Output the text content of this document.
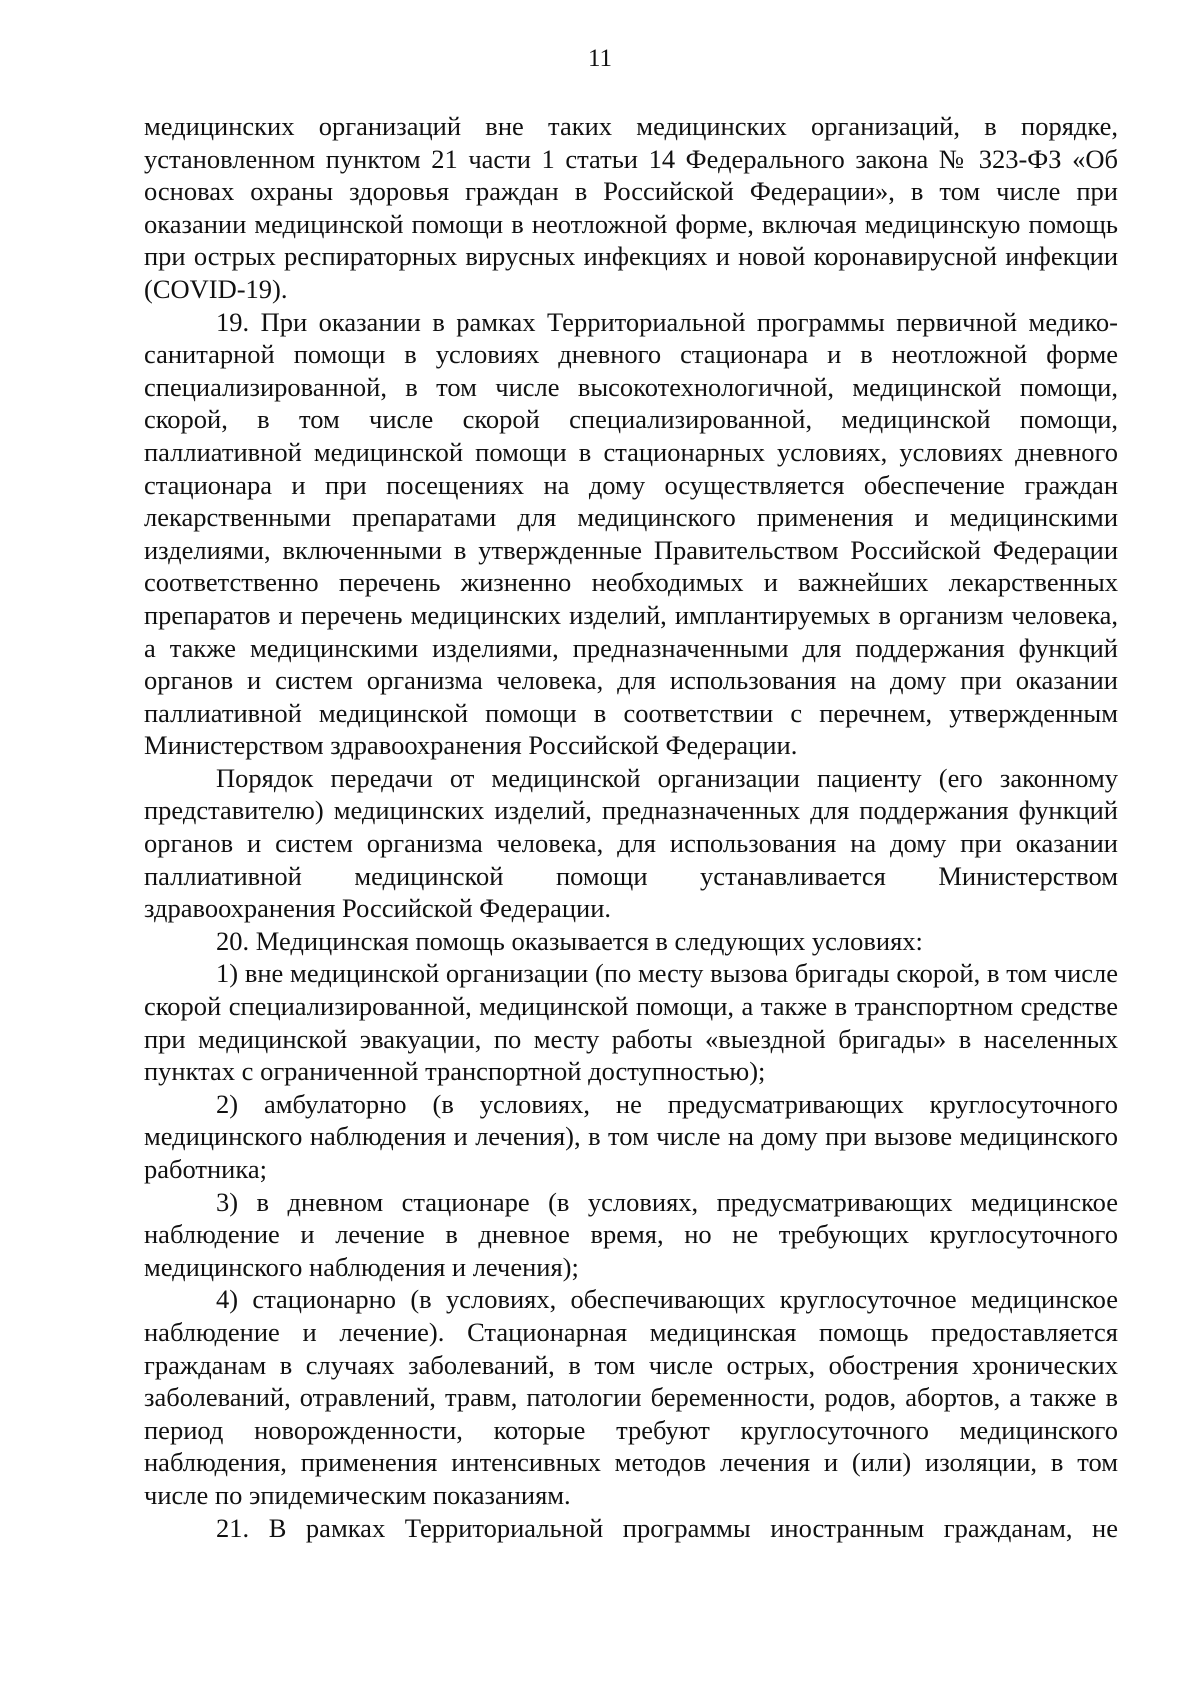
11

медицинских организаций вне таких медицинских организаций, в порядке, установленном пунктом 21 части 1 статьи 14 Федерального закона № 323-ФЗ «Об основах охраны здоровья граждан в Российской Федерации», в том числе при оказании медицинской помощи в неотложной форме, включая медицинскую помощь при острых респираторных вирусных инфекциях и новой коронавирусной инфекции (COVID-19).

19. При оказании в рамках Территориальной программы первичной медико-санитарной помощи в условиях дневного стационара и в неотложной форме специализированной, в том числе высокотехнологичной, медицинской помощи, скорой, в том числе скорой специализированной, медицинской помощи, паллиативной медицинской помощи в стационарных условиях, условиях дневного стационара и при посещениях на дому осуществляется обеспечение граждан лекарственными препаратами для медицинского применения и медицинскими изделиями, включенными в утвержденные Правительством Российской Федерации соответственно перечень жизненно необходимых и важнейших лекарственных препаратов и перечень медицинских изделий, имплантируемых в организм человека, а также медицинскими изделиями, предназначенными для поддержания функций органов и систем организма человека, для использования на дому при оказании паллиативной медицинской помощи в соответствии с перечнем, утвержденным Министерством здравоохранения Российской Федерации.

Порядок передачи от медицинской организации пациенту (его законному представителю) медицинских изделий, предназначенных для поддержания функций органов и систем организма человека, для использования на дому при оказании паллиативной медицинской помощи устанавливается Министерством здравоохранения Российской Федерации.

20. Медицинская помощь оказывается в следующих условиях:

1) вне медицинской организации (по месту вызова бригады скорой, в том числе скорой специализированной, медицинской помощи, а также в транспортном средстве при медицинской эвакуации, по месту работы «выездной бригады» в населенных пунктах с ограниченной транспортной доступностью);

2) амбулаторно (в условиях, не предусматривающих круглосуточного медицинского наблюдения и лечения), в том числе на дому при вызове медицинского работника;

3) в дневном стационаре (в условиях, предусматривающих медицинское наблюдение и лечение в дневное время, но не требующих круглосуточного медицинского наблюдения и лечения);

4) стационарно (в условиях, обеспечивающих круглосуточное медицинское наблюдение и лечение). Стационарная медицинская помощь предоставляется гражданам в случаях заболеваний, в том числе острых, обострения хронических заболеваний, отравлений, травм, патологии беременности, родов, абортов, а также в период новорожденности, которые требуют круглосуточного медицинского наблюдения, применения интенсивных методов лечения и (или) изоляции, в том числе по эпидемическим показаниям.

21. В рамках Территориальной программы иностранным гражданам, не
